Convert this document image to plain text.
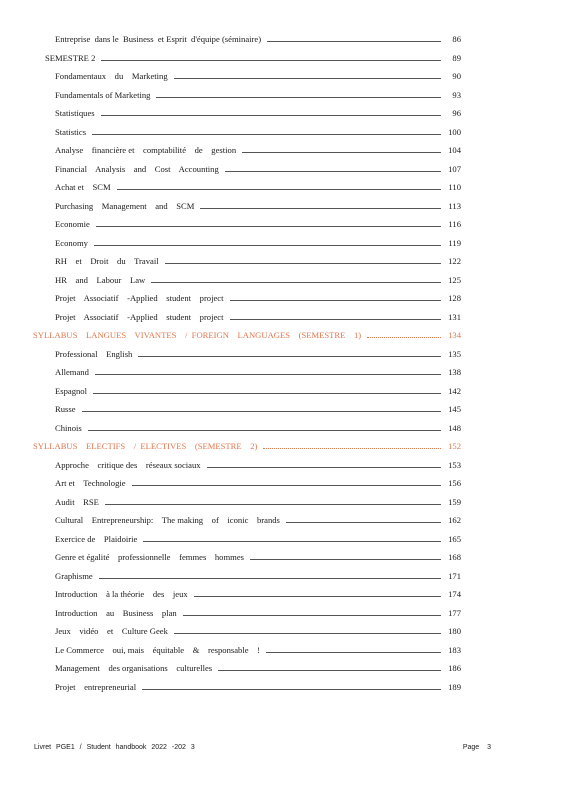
Entreprise  dans le  Business  et Esprit  d'équipe (séminaire)	86
SEMESTRE 2	89
Fondamentaux    du    Marketing	90
Fundamentals of Marketing	93
Statistiques	96
Statistics	100
Analyse    financière et    comptabilité    de    gestion	104
Financial    Analysis    and    Cost    Accounting	107
Achat et    SCM	110
Purchasing    Management    and    SCM	113
Economie	116
Economy	119
RH    et    Droit    du    Travail	122
HR    and    Labour    Law	125
Projet    Associatif    -Applied    student    project	128
Projet    Associatif    -Applied    student    project	131
SYLLABUS    LANGUES    VIVANTES    /  FOREIGN    LANGUAGES    (SEMESTRE    1)	134
Professional    English	135
Allemand	138
Espagnol	142
Russe	145
Chinois	148
SYLLABUS    ELECTIFS    /  ELECTIVES    (SEMESTRE    2)	152
Approche    critique des    réseaux sociaux	153
Art et    Technologie	156
Audit    RSE	159
Cultural    Entrepreneurship:    The making    of    iconic    brands	162
Exercice de    Plaidoirie	165
Genre et égalité    professionnelle    femmes    hommes	168
Graphisme	171
Introduction    à la théorie    des    jeux	174
Introduction    au    Business    plan	177
Jeux    vidéo    et    Culture Geek	180
Le Commerce    oui, mais    équitable    &    responsable    !	183
Management    des organisations    culturelles	186
Projet    entrepreneurial	189
Livret PGE1 / Student handbook 2022 -202 3	Page 3
